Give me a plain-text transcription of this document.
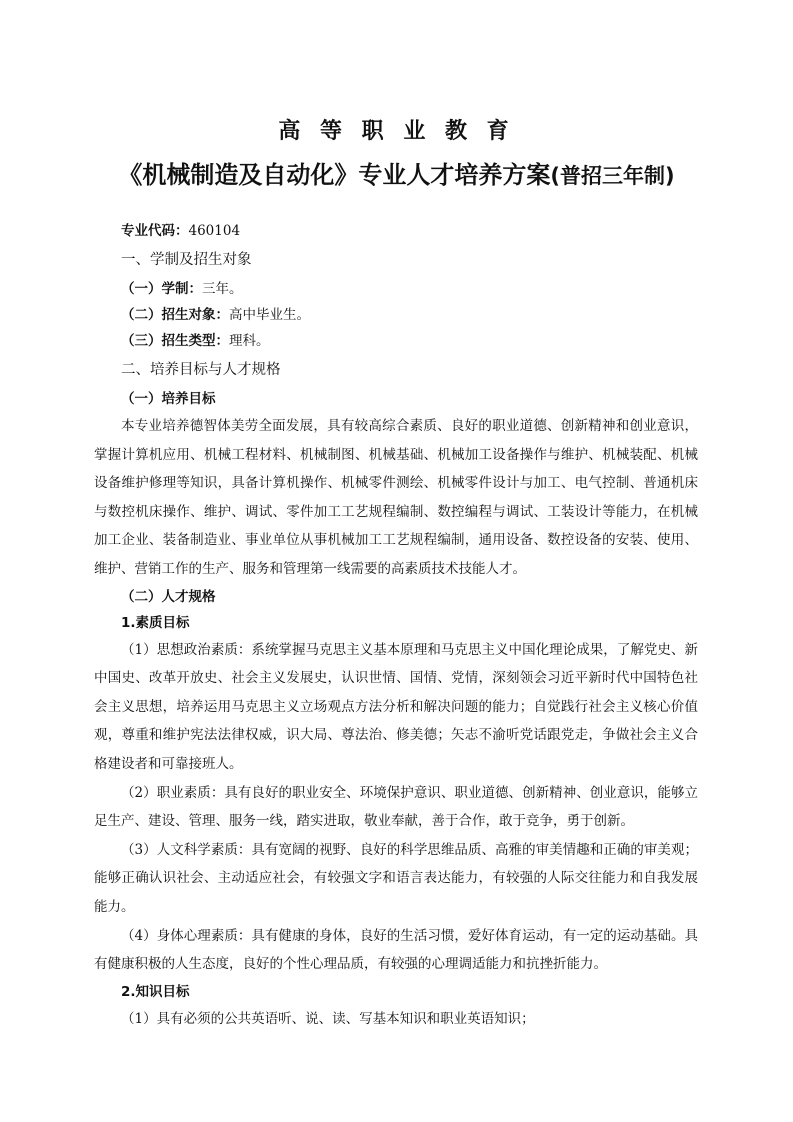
高 等 职 业 教 育
《机械制造及自动化》专业人才培养方案(普招三年制)
专业代码：460104
一、学制及招生对象
（一）学制：三年。
（二）招生对象：高中毕业生。
（三）招生类型：理科。
二、培养目标与人才规格
（一）培养目标
本专业培养德智体美劳全面发展，具有较高综合素质、良好的职业道德、创新精神和创业意识，掌握计算机应用、机械工程材料、机械制图、机械基础、机械加工设备操作与维护、机械装配、机械设备维护修理等知识，具备计算机操作、机械零件测绘、机械零件设计与加工、电气控制、普通机床与数控机床操作、维护、调试、零件加工工艺规程编制、数控编程与调试、工装设计等能力，在机械加工企业、装备制造业、事业单位从事机械加工工艺规程编制，通用设备、数控设备的安装、使用、维护、营销工作的生产、服务和管理第一线需要的高素质技术技能人才。
（二）人才规格
1.素质目标
（1）思想政治素质：系统掌握马克思主义基本原理和马克思主义中国化理论成果，了解党史、新中国史、改革开放史、社会主义发展史，认识世情、国情、党情，深刻领会习近平新时代中国特色社会主义思想，培养运用马克思主义立场观点方法分析和解决问题的能力；自觉践行社会主义核心价值观，尊重和维护宪法法律权威，识大局、尊法治、修美德；矢志不渝听党话跟党走，争做社会主义合格建设者和可靠接班人。
（2）职业素质：具有良好的职业安全、环境保护意识、职业道德、创新精神、创业意识，能够立足生产、建设、管理、服务一线，踏实进取，敬业奉献，善于合作，敢于竞争，勇于创新。
（3）人文科学素质：具有宽阔的视野、良好的科学思维品质、高雅的审美情趣和正确的审美观；能够正确认识社会、主动适应社会，有较强文字和语言表达能力，有较强的人际交往能力和自我发展能力。
（4）身体心理素质：具有健康的身体，良好的生活习惯，爱好体育运动，有一定的运动基础。具有健康积极的人生态度，良好的个性心理品质，有较强的心理调适能力和抗挫折能力。
2.知识目标
（1）具有必须的公共英语听、说、读、写基本知识和职业英语知识；
